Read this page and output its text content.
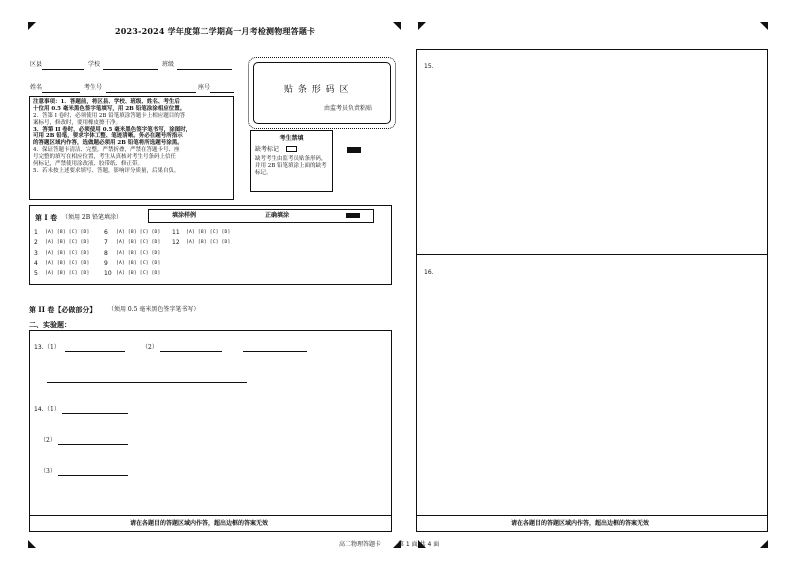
2023-2024 学年度第二学期高一月考检测物理答题卡
区县	学校	班级
姓名	考生号	座号
注意事项：1．答题前，将区县、学校、班级、姓名、考生后
十位用 0.5 毫米黑色签字笔填写，用 2B 铅笔涂涂相应位置。
2．答第 I 卷时，必须使用 2B 铅笔填涂答题卡上相应题目的答
案标号，修改时，要用橡皮擦干净。
3．答第 II 卷时，必须使用 0.5 毫米黑色签字笔书写，涂图时，
可用 2B 铅笔，要求字体工整、笔迹清晰。务必在题号所指示
的答题区域内作答，选做题必须用 2B 铅笔将所选题号涂黑。
4．保证答题卡清洁、完整，严禁折叠，严禁在答题卡号、座
号完整的填写在相应位置，考生从真核对考生号条码上信任
何标记，严禁使用涂改液、胶带纸、修正带。
5．若未按上述要求填写、答题，影响评分质量，后果自负。
贴 条 形 码 区
由监考员负责粘贴
考生禁填
缺考标记
缺考考生由监考员贴条形码，
并用 2B 铅笔填涂上面的缺考
标记。
第 I 卷 （须用 2B 铅笔填涂）	填涂样例	正确填涂
1 [A] [B] [C] [D]
2 [A] [B] [C] [D]
3 [A] [B] [C] [D]
4 [A] [B] [C] [D]
5 [A] [B] [C] [D]
6 [A] [B] [C] [D]
7 [A] [B] [C] [D]
8 [A] [B] [C] [D]
9 [A] [B] [C] [D]
10 [A] [B] [C] [D]
11 [A] [B] [C] [D]
12 [A] [B] [C] [D]
第 II 卷【必做部分】 （须用 0.5 毫米黑色签字笔书写）
二、实验题：
请在各题目的答题区域内作答，超出边框的答案无效
13. （1）	（2）
14. （1）
（2）
（3）
15.
16.
请在各题目的答题区域内作答，超出边框的答案无效
高二物理答题卡	第 1 面/共 4 面
